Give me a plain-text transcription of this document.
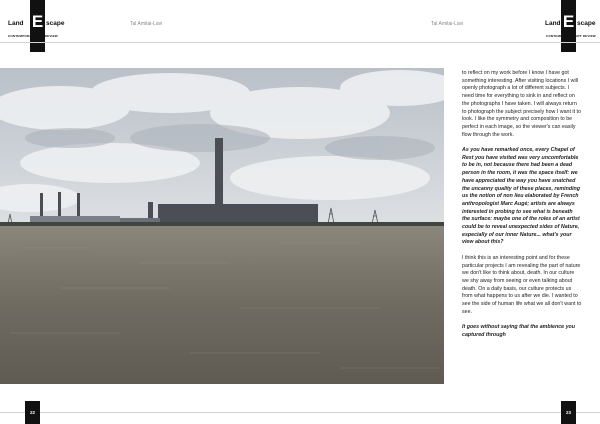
Land E scape
CONTEMPORARY ART REVIEW
Tal Amitai-Lavi	Tal Amitai-Lavi	Land E scape
CONTEMPORARY ART REVIEW

to reflect on my work before I know I have got something interesting. After visiting locations I will openly photograph a lot of different subjects. I need time for everything to sink in and reflect on the photographs I have taken. I will always return to photograph the subject precisely how I want it to look. I like the symmetry and composition to be perfect in each image, so the viewer's can easily flow through the work.

As you have remarked once, every Chapel of Rest you have visited was very uncomfortable to be in, not because there had been a dead person in the room, it was the space itself: we have appreciated the way you have snatched the uncanny quality of these places, reminding us the notion of non lieu elaborated by French anthropologist Marc Augé; artists are always interested in probing to see what is beneath the surface: maybe one of the roles of an artist could be to reveal unexpected sides of Nature, especially of our inner Nature... what's your view about this?

I think this is an interesting point and for these particular projects I am revealing the part of nature we don't like to think about, death. In our culture we shy away from seeing or even talking about death. On a daily basis, our culture protects us from what happens to us after we die. I wanted to see the side of human life what we all don't want to see.

It goes without saying that the ambience you captured through

22	23
